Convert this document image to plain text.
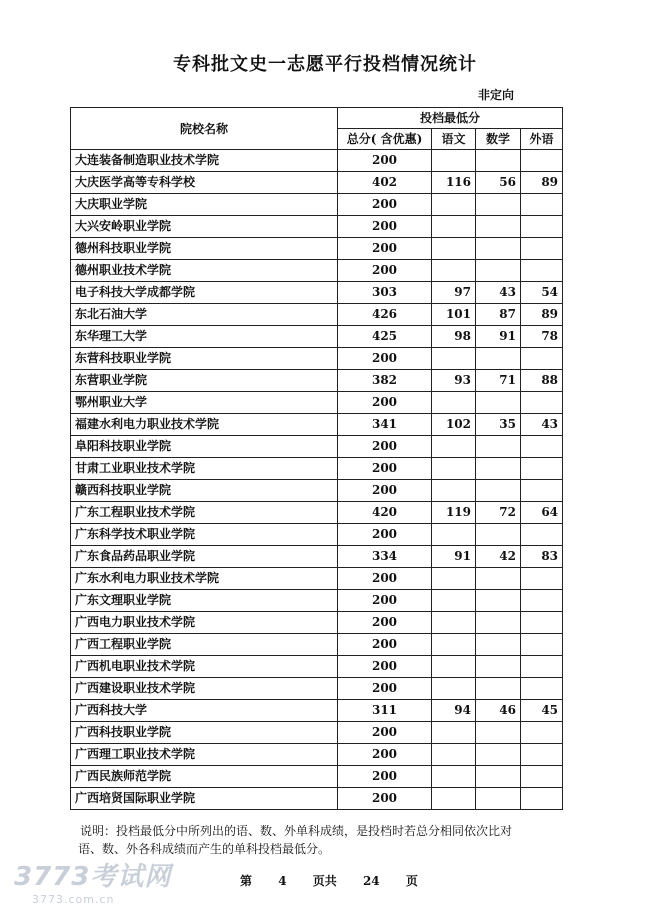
专科批文史一志愿平行投档情况统计
非定向
院校名称	投档最低分			
	总分( 含优惠)	语文	数学	外语
大连装备制造职业技术学院	200			
大庆医学高等专科学校	402	116	56	89
大庆职业学院	200			
大兴安岭职业学院	200			
德州科技职业学院	200			
德州职业技术学院	200			
电子科技大学成都学院	303	97	43	54
东北石油大学	426	101	87	89
东华理工大学	425	98	91	78
东营科技职业学院	200			
东营职业学院	382	93	71	88
鄂州职业大学	200			
福建水利电力职业技术学院	341	102	35	43
阜阳科技职业学院	200			
甘肃工业职业技术学院	200			
赣西科技职业学院	200			
广东工程职业技术学院	420	119	72	64
广东科学技术职业学院	200			
广东食品药品职业学院	334	91	42	83
广东水利电力职业技术学院	200			
广东文理职业学院	200			
广西电力职业技术学院	200			
广西工程职业学院	200			
广西机电职业技术学院	200			
广西建设职业技术学院	200			
广西科技大学	311	94	46	45
广西科技职业学院	200			
广西理工职业技术学院	200			
广西民族师范学院	200			
广西培贤国际职业学院	200			
说明：投档最低分中所列出的语、数、外单科成绩，是投档时若总分相同依次比对
语、数、外各科成绩而产生的单科投档最低分。
第 4 页共 24 页
3773考试网
3773.com.cn
